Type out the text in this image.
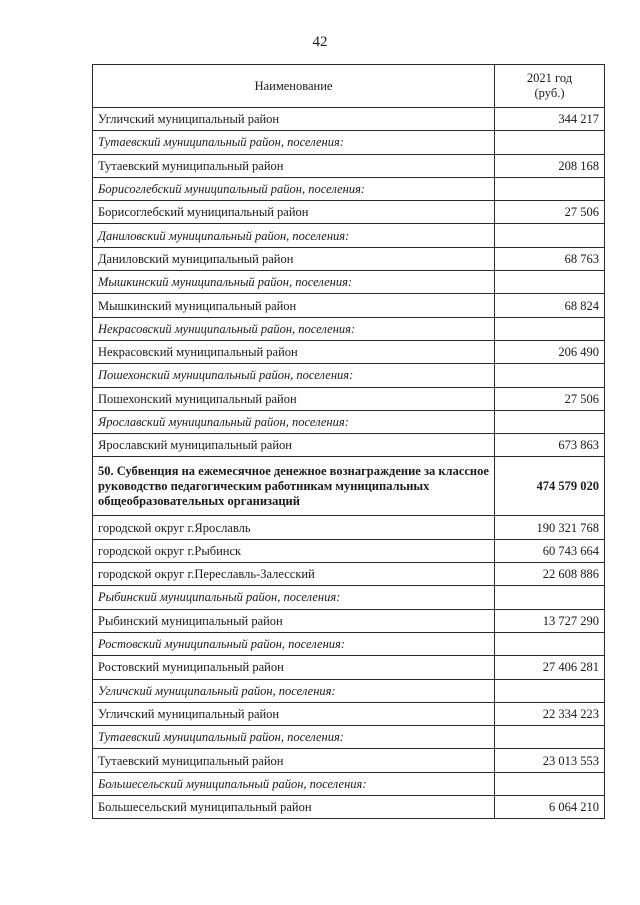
42
Наименование	2021 год
(руб.)

Угличский муниципальный район	344 217
Тутаевский муниципальный район, поселения:	
Тутаевский муниципальный район	208 168
Борисоглебский муниципальный район, поселения:	
Борисоглебский муниципальный район	27 506
Даниловский муниципальный район, поселения:	
Даниловский муниципальный район	68 763
Мышкинский муниципальный район, поселения:	
Мышкинский муниципальный район	68 824
Некрасовский муниципальный район, поселения:	
Некрасовский муниципальный район	206 490
Пошехонский муниципальный район, поселения:	
Пошехонский муниципальный район	27 506
Ярославский муниципальный район, поселения:	
Ярославский муниципальный район	673 863
50. Субвенция на ежемесячное денежное вознаграждение за классное руководство педагогическим работникам муниципальных общеобразовательных организаций	474 579 020
городской округ г.Ярославль	190 321 768
городской округ г.Рыбинск	60 743 664
городской округ г.Переславль-Залесский	22 608 886
Рыбинский муниципальный район, поселения:	
Рыбинский муниципальный район	13 727 290
Ростовский муниципальный район, поселения:	
Ростовский муниципальный район	27 406 281
Угличский муниципальный район, поселения:	
Угличский муниципальный район	22 334 223
Тутаевский муниципальный район, поселения:	
Тутаевский муниципальный район	23 013 553
Большесельский муниципальный район, поселения:	
Большесельский муниципальный район	6 064 210
